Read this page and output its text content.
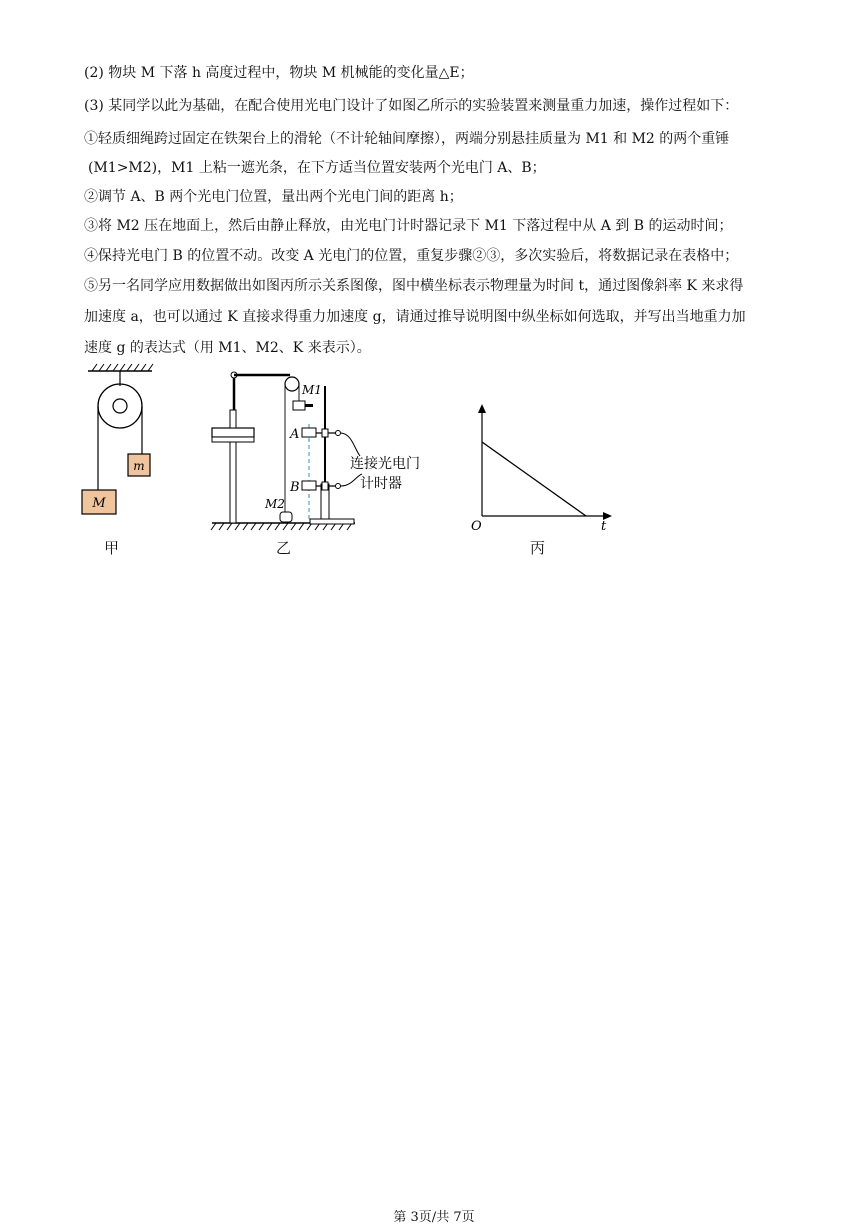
(2) 物块 M 下落 h 高度过程中，物块 M 机械能的变化量△E；
(3) 某同学以此为基础，在配合使用光电门设计了如图乙所示的实验装置来测量重力加速，操作过程如下：
①轻质细绳跨过固定在铁架台上的滑轮（不计轮轴间摩擦），两端分别悬挂质量为 M1 和 M2 的两个重锤
(M1>M2)，M1 上粘一遮光条，在下方适当位置安装两个光电门 A、B；
②调节 A、B 两个光电门位置，量出两个光电门间的距离 h；
③将 M2 压在地面上，然后由静止释放，由光电门计时器记录下 M1 下落过程中从 A 到 B 的运动时间；
④保持光电门 B 的位置不动。改变 A 光电门的位置，重复步骤②③，多次实验后，将数据记录在表格中；
⑤另一名同学应用数据做出如图丙所示关系图像，图中横坐标表示物理量为时间 t，通过图像斜率 K 来求得
加速度 a，也可以通过 K 直接求得重力加速度 g，请通过推导说明图中纵坐标如何选取，并写出当地重力加
速度 g 的表达式（用 M1、M2、K 来表示）。
M
m
甲
M1
M2
A
B
连接光电门
计时器
乙
O	t
丙
第 3页/共 7页
